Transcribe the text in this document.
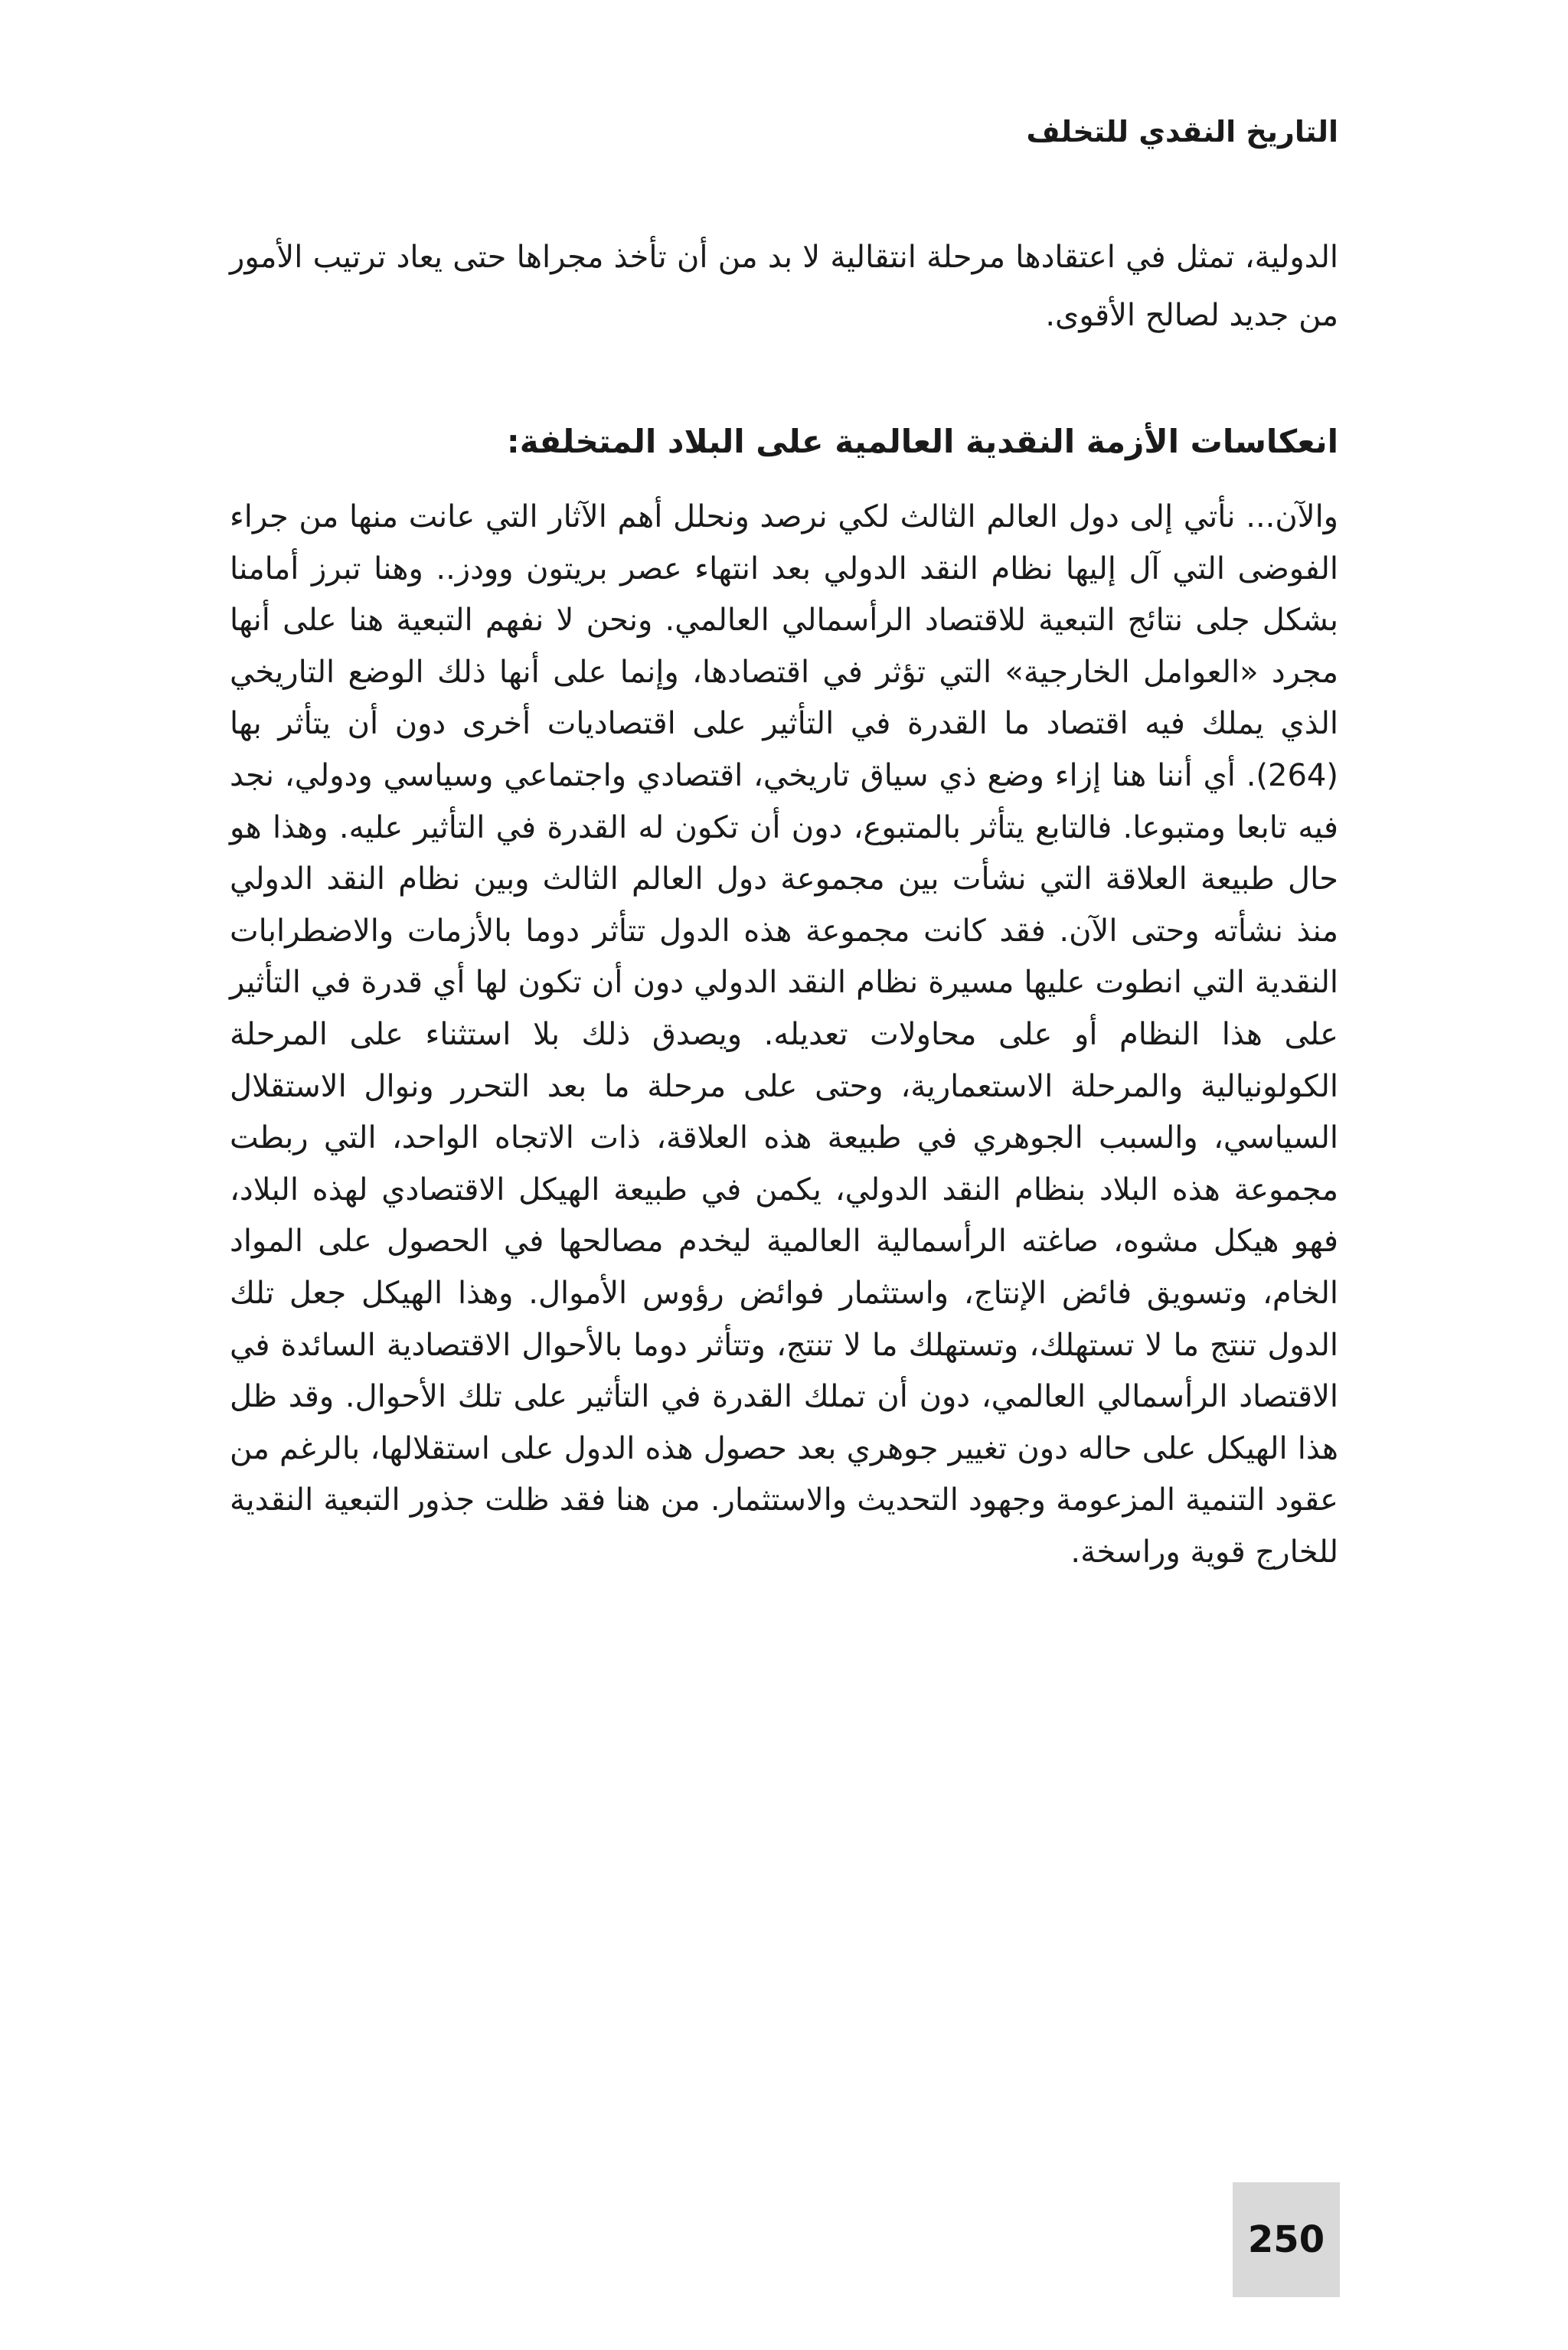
التاريخ النقدي للتخلف

الدولية، تمثل في اعتقادها مرحلة انتقالية لا بد من أن تأخذ مجراها حتى يعاد ترتيب الأمور من جديد لصالح الأقوى.

انعكاسات الأزمة النقدية العالمية على البلاد المتخلفة:

والآن... نأتي إلى دول العالم الثالث لكي نرصد ونحلل أهم الآثار التي عانت منها من جراء الفوضى التي آل إليها نظام النقد الدولي بعد انتهاء عصر بريتون وودز.. وهنا تبرز أمامنا بشكل جلى نتائج التبعية للاقتصاد الرأسمالي العالمي. ونحن لا نفهم التبعية هنا على أنها مجرد «العوامل الخارجية» التي تؤثر في اقتصادها، وإنما على أنها ذلك الوضع التاريخي الذي يملك فيه اقتصاد ما القدرة في التأثير على اقتصاديات أخرى دون أن يتأثر بها (264). أي أننا هنا إزاء وضع ذي سياق تاريخي، اقتصادي واجتماعي وسياسي ودولي، نجد فيه تابعا ومتبوعا. فالتابع يتأثر بالمتبوع، دون أن تكون له القدرة في التأثير عليه. وهذا هو حال طبيعة العلاقة التي نشأت بين مجموعة دول العالم الثالث وبين نظام النقد الدولي منذ نشأته وحتى الآن. فقد كانت مجموعة هذه الدول تتأثر دوما بالأزمات والاضطرابات النقدية التي انطوت عليها مسيرة نظام النقد الدولي دون أن تكون لها أي قدرة في التأثير على هذا النظام أو على محاولات تعديله. ويصدق ذلك بلا استثناء على المرحلة الكولونيالية والمرحلة الاستعمارية، وحتى على مرحلة ما بعد التحرر ونوال الاستقلال السياسي، والسبب الجوهري في طبيعة هذه العلاقة، ذات الاتجاه الواحد، التي ربطت مجموعة هذه البلاد بنظام النقد الدولي، يكمن في طبيعة الهيكل الاقتصادي لهذه البلاد، فهو هيكل مشوه، صاغته الرأسمالية العالمية ليخدم مصالحها في الحصول على المواد الخام، وتسويق فائض الإنتاج، واستثمار فوائض رؤوس الأموال. وهذا الهيكل جعل تلك الدول تنتج ما لا تستهلك، وتستهلك ما لا تنتج، وتتأثر دوما بالأحوال الاقتصادية السائدة في الاقتصاد الرأسمالي العالمي، دون أن تملك القدرة في التأثير على تلك الأحوال. وقد ظل هذا الهيكل على حاله دون تغيير جوهري بعد حصول هذه الدول على استقلالها، بالرغم من عقود التنمية المزعومة وجهود التحديث والاستثمار. من هنا فقد ظلت جذور التبعية النقدية للخارج قوية وراسخة.

250
